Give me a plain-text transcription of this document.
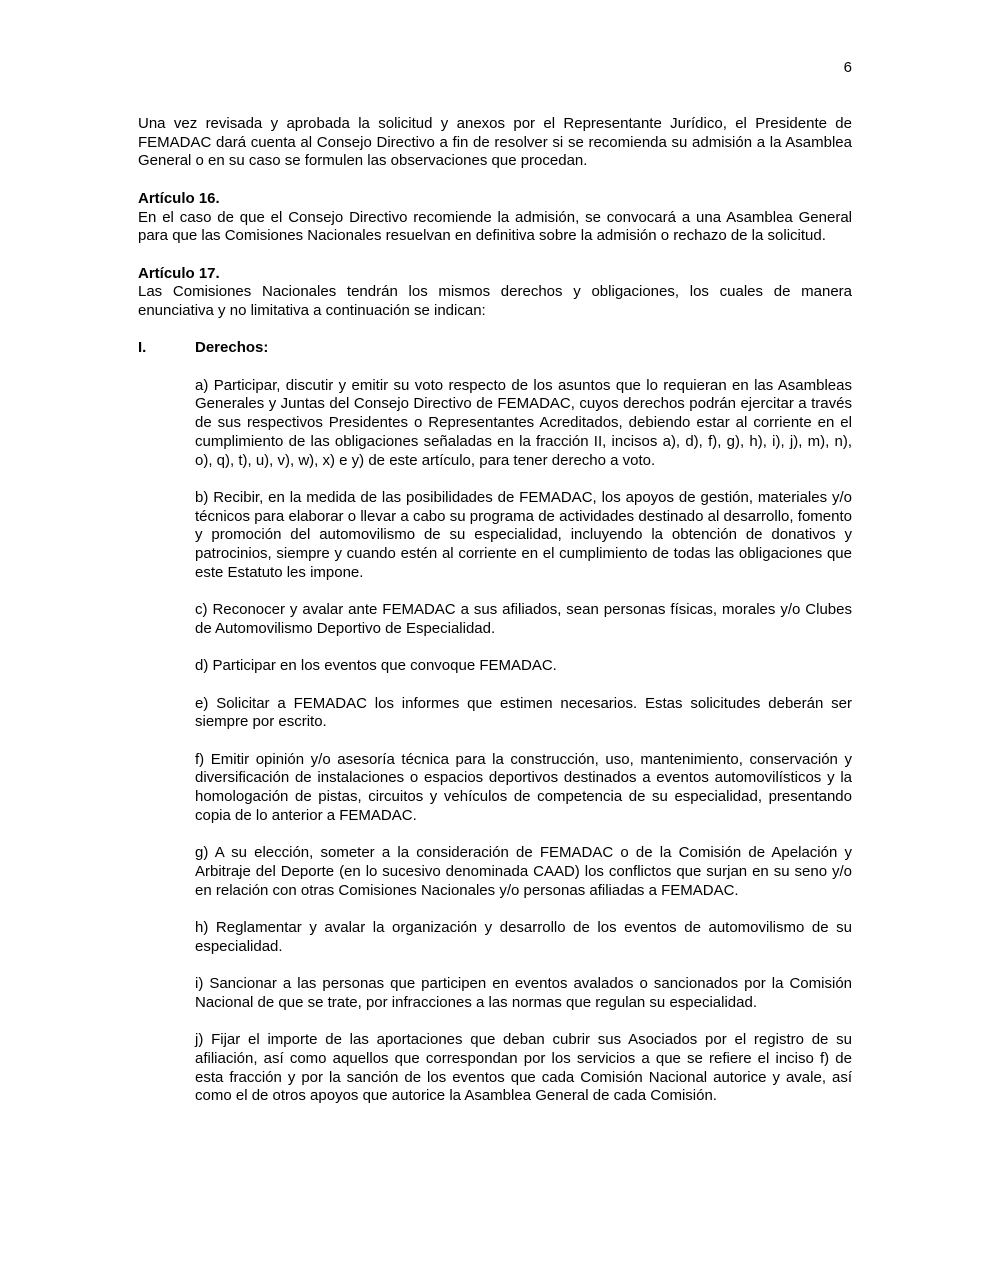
6

Una vez revisada y aprobada la solicitud y anexos por el Representante Jurídico, el Presidente de FEMADAC dará cuenta al Consejo Directivo a fin de resolver si se recomienda su admisión a la Asamblea General o en su caso se formulen las observaciones que procedan.

Artículo 16.

En el caso de que el Consejo Directivo recomiende la admisión, se convocará a una Asamblea General para que las Comisiones Nacionales resuelvan en definitiva sobre la admisión o rechazo de la solicitud.

Artículo 17.

Las Comisiones Nacionales tendrán los mismos derechos y obligaciones, los cuales de manera enunciativa y no limitativa a continuación se indican:

I.	Derechos:

a) Participar, discutir y emitir su voto respecto de los asuntos que lo requieran en las Asambleas Generales y Juntas del Consejo Directivo de FEMADAC, cuyos derechos podrán ejercitar a través de sus respectivos Presidentes o Representantes Acreditados, debiendo estar al corriente en el cumplimiento de las obligaciones señaladas en la fracción II, incisos a), d), f), g), h), i), j), m), n), o), q), t), u), v), w), x) e y) de este artículo, para tener derecho a voto.

b) Recibir, en la medida de las posibilidades de FEMADAC, los apoyos de gestión, materiales y/o técnicos para elaborar o llevar a cabo su programa de actividades destinado al desarrollo, fomento y promoción del automovilismo de su especialidad, incluyendo la obtención de donativos y patrocinios, siempre y cuando estén al corriente en el cumplimiento de todas las obligaciones que este Estatuto les impone.

c) Reconocer y avalar ante FEMADAC a sus afiliados, sean personas físicas, morales y/o Clubes de Automovilismo Deportivo de Especialidad.

d) Participar en los eventos que convoque FEMADAC.

e) Solicitar a FEMADAC los informes que estimen necesarios. Estas solicitudes deberán ser siempre por escrito.

f) Emitir opinión y/o asesoría técnica para la construcción, uso, mantenimiento, conservación y diversificación de instalaciones o espacios deportivos destinados a eventos automovilísticos y la homologación de pistas, circuitos y vehículos de competencia de su especialidad, presentando copia de lo anterior a FEMADAC.

g) A su elección, someter a la consideración de FEMADAC o de la Comisión de Apelación y Arbitraje del Deporte (en lo sucesivo denominada CAAD) los conflictos que surjan en su seno y/o en relación con otras Comisiones Nacionales y/o personas afiliadas a FEMADAC.

h) Reglamentar y avalar la organización y desarrollo de los eventos de automovilismo de su especialidad.

i) Sancionar a las personas que participen en eventos avalados o sancionados por la Comisión Nacional de que se trate, por infracciones a las normas que regulan su especialidad.

j) Fijar el importe de las aportaciones que deban cubrir sus Asociados por el registro de su afiliación, así como aquellos que correspondan por los servicios a que se refiere el inciso f) de esta fracción y por la sanción de los eventos que cada Comisión Nacional autorice y avale, así como el de otros apoyos que autorice la Asamblea General de cada Comisión.
